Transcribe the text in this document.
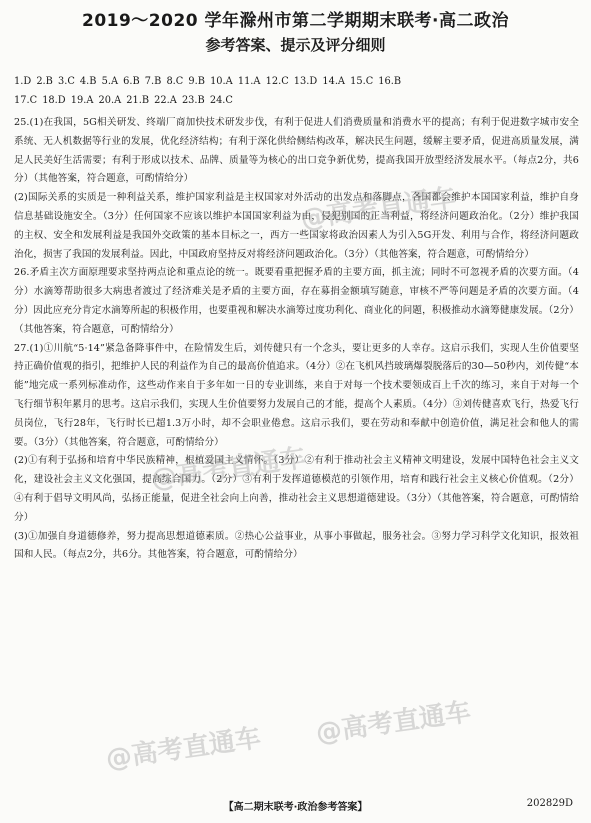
2019～2020 学年滁州市第二学期期末联考·高二政治
参考答案、提示及评分细则
1.D 2.B 3.C 4.B 5.A 6.B 7.B 8.C 9.B 10.A 11.A 12.C 13.D 14.A 15.C 16.B
17.C 18.D 19.A 20.A 21.B 22.A 23.B 24.C

25.(1)在我国，5G相关研发、终端厂商加快技术研发步伐，有利于促进人们消费质量和消费水平的提高；有利于促进数字城市安全系统、无人机数据等行业的发展，优化经济结构；有利于深化供给侧结构改革，解决民生问题，缓解主要矛盾，促进高质量发展，满足人民美好生活需要；有利于形成以技术、品牌、质量等为核心的出口竞争新优势，提高我国开放型经济发展水平。（每点2分，共6分）（其他答案，符合题意，可酌情给分）

(2)国际关系的实质是一种利益关系，维护国家利益是主权国家对外活动的出发点和落脚点，各国都会维护本国国家利益，维护自身信息基础设施安全。（3分）任何国家不应该以维护本国国家利益为由，侵犯别国的正当利益，将经济问题政治化。（2分）维护我国的主权、安全和发展利益是我国外交政策的基本目标之一，西方一些国家将政治因素人为引入5G开发、利用与合作，将经济问题政治化，损害了我国的发展利益。因此，中国政府坚持反对将经济问题政治化。（3分）（其他答案，符合题意，可酌情给分）

26.矛盾主次方面原理要求坚持两点论和重点论的统一。既要看重把握矛盾的主要方面，抓主流；同时不可忽视矛盾的次要方面。（4分）水滴筹帮助很多大病患者渡过了经济难关是矛盾的主要方面，存在募捐金额填写随意，审核不严等问题是矛盾的次要方面。（4分）因此应充分肯定水滴筹所起的积极作用，也要重视和解决水滴筹过度功利化、商业化的问题，积极推动水滴筹健康发展。（2分）（其他答案，符合题意，可酌情给分）

27.(1)①川航“5·14”紧急备降事件中，在险情发生后，刘传健只有一个念头，要让更多的人幸存。这启示我们，实现人生价值要坚持正确价值观的指引，把维护人民的利益作为自己的最高价值追求。（4分）②在飞机风挡玻璃爆裂脱落后的30—50秒内，刘传健“本能”地完成一系列标准动作，这些动作来自于多年如一日的专业训练，来自于对每一个技术要领成百上千次的练习，来自于对每一个飞行细节积年累月的思考。这启示我们，实现人生价值要努力发展自己的才能，提高个人素质。（4分）③刘传健喜欢飞行，热爱飞行员岗位，飞行28年，飞行时长已超1.3万小时，却不会职业倦怠。这启示我们，要在劳动和奉献中创造价值，满足社会和他人的需要。（3分）（其他答案，符合题意，可酌情给分）

(2)①有利于弘扬和培育中华民族精神，根植爱国主义情怀。（3分）②有利于推动社会主义精神文明建设，发展中国特色社会主义文化，建设社会主义文化强国，提高综合国力。（2分）③有利于发挥道德模范的引领作用，培育和践行社会主义核心价值观。（2分）④有利于倡导文明风尚，弘扬正能量，促进全社会向上向善，推动社会主义思想道德建设。（3分）（其他答案，符合题意，可酌情给分）

(3)①加强自身道德修养，努力提高思想道德素质。②热心公益事业，从事小事做起，服务社会。③努力学习科学文化知识，报效祖国和人民。（每点2分，共6分。其他答案，符合题意，可酌情给分）

@高考直通车
@高考直通车
@高考直通车
@高考直通车
【高二期末联考·政治参考答案】	202829D
